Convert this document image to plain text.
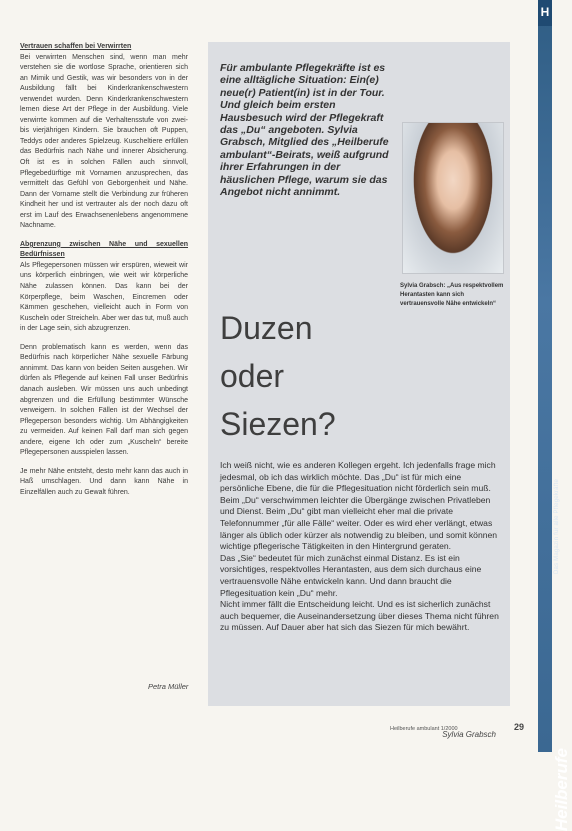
H
Das Magazin für alle Pflegekräfte
Heilberufe
Vertrauen schaffen bei Verwirrten

Bei verwirrten Menschen sind, wenn man mehr verstehen sie die wortlose Sprache, orientieren sich an Mimik und Gestik, was wir besonders von in der Ausbildung fällt bei Kinderkrankenschwestern verwendet wurden. Denn Kinderkrankenschwestern lernen diese Art der Pflege in der Ausbildung. Viele verwirrte kommen auf die Verhaltensstufe von zwei- bis vierjährigen Kindern. Sie brauchen oft Puppen, Teddys oder anderes Spielzeug. Kuscheltiere erfüllen das Bedürfnis nach Nähe und innerer Absicherung. Oft ist es in solchen Fällen auch sinnvoll, Pflegebedürftige mit Vornamen anzusprechen, das vermittelt das Gefühl von Geborgenheit und Nähe. Dann der Vorname stellt die Verbindung zur früheren Kindheit her und ist vertrauter als der noch dazu oft erst im Lauf des Erwachsenenlebens angenommene Nachname.

Abgrenzung zwischen Nähe und sexuellen Bedürfnissen

Als Pflegepersonen müssen wir erspüren, wieweit wir uns körperlich einbringen, wie weit wir körperliche Nähe zulassen können. Das kann bei der Körperpflege, beim Waschen, Eincremen oder Kämmen geschehen, vielleicht auch in Form von Kuscheln oder Streicheln. Aber wer das tut, muß auch in der Lage sein, sich abzugrenzen.

Denn problematisch kann es werden, wenn das Bedürfnis nach körperlicher Nähe sexuelle Färbung annimmt. Das kann von beiden Seiten ausgehen. Wir dürfen als Pflegende auf keinen Fall unser Bedürfnis danach ausleben. Wir müssen uns auch unbedingt abgrenzen und die Erfüllung bestimmter Wünsche verweigern. In solchen Fällen ist der Wechsel der Pflegeperson besonders wichtig. Um Abhängigkeiten zu vermeiden. Auf keinen Fall darf man sich gegen andere, eigene Ich oder zum „Kuscheln“ bereite Pflegepersonen ausspielen lassen.

Je mehr Nähe entsteht, desto mehr kann das auch in Haß umschlagen. Und dann kann Nähe in Einzelfällen auch zu Gewalt führen.

Petra Müller
Für ambulante Pflegekräfte ist es eine alltägliche Situation: Ein(e) neue(r) Patient(in) ist in der Tour. Und gleich beim ersten Hausbesuch wird der Pflegekraft das „Du“ angeboten. Sylvia Grabsch, Mitglied des „Heilberufe ambulant“-Beirats, weiß aufgrund ihrer Erfahrungen in der häuslichen Pflege, warum sie das Angebot nicht annimmt.
Sylvia Grabsch: „Aus respektvollem Herantasten kann sich vertrauensvolle Nähe entwickeln“
Duzen
oder
Siezen?

Ich weiß nicht, wie es anderen Kollegen ergeht. Ich jedenfalls frage mich jedesmal, ob ich das wirklich möchte. Das „Du“ ist für mich eine persönliche Ebene, die für die Pflegesituation nicht förderlich sein muß. Beim „Du“ verschwimmen leichter die Übergänge zwischen Privatleben und Dienst. Beim „Du“ gibt man vielleicht eher mal die private Telefonnummer „für alle Fälle“ weiter. Oder es wird eher verlängt, etwas länger als üblich oder kürzer als notwendig zu bleiben, und somit können wichtige pflegerische Tätigkeiten in den Hintergrund geraten.

Das „Sie“ bedeutet für mich zunächst einmal Distanz. Es ist ein vorsichtiges, respektvolles Herantasten, aus dem sich durchaus eine vertrauensvolle Nähe entwickeln kann. Und dann braucht die Pflegesituation kein „Du“ mehr.

Nicht immer fällt die Entscheidung leicht. Und es ist sicherlich zunächst auch bequemer, die Auseinandersetzung über dieses Thema nicht führen zu müssen. Auf Dauer aber hat sich das Siezen für mich bewährt.

Sylvia Grabsch
Heilberufe ambulant 1/2000	29
